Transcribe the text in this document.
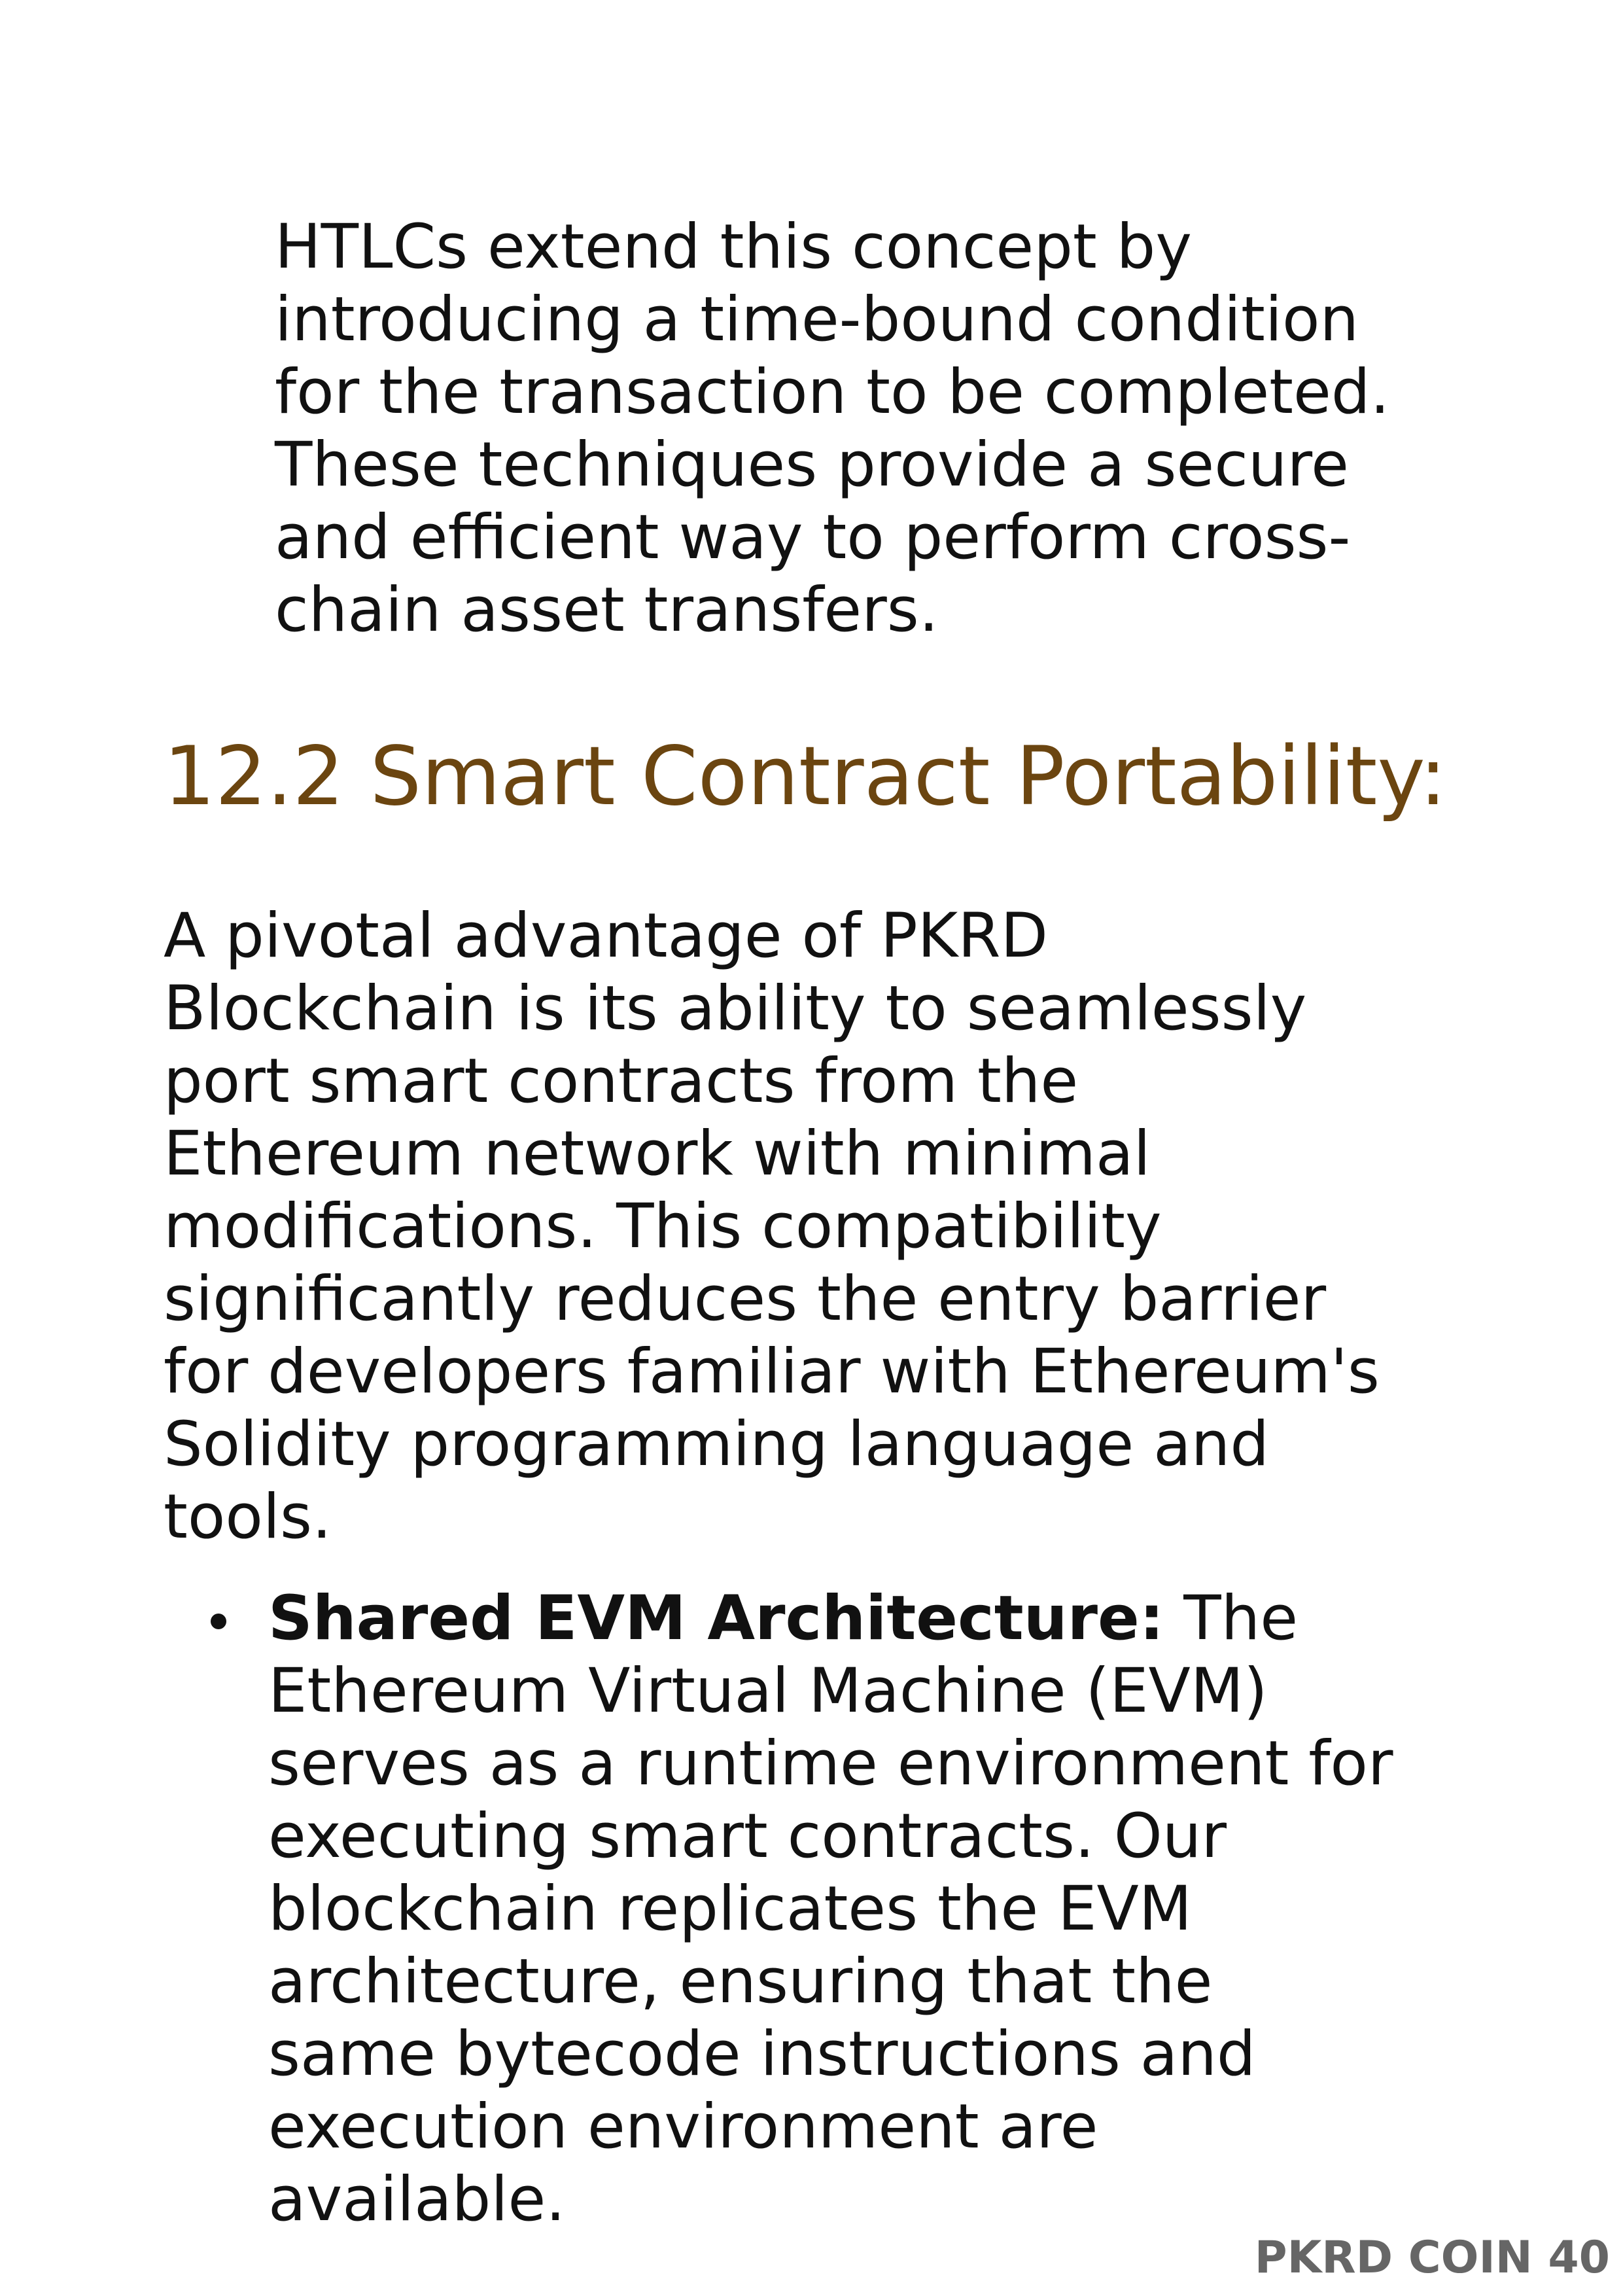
HTLCs extend this concept by
introducing a time-bound condition
for the transaction to be completed.
These techniques provide a secure
and efficient way to perform cross-
chain asset transfers.

12.2 Smart Contract Portability:

A pivotal advantage of PKRD
Blockchain is its ability to seamlessly
port smart contracts from the
Ethereum network with minimal
modifications. This compatibility
significantly reduces the entry barrier
for developers familiar with Ethereum's
Solidity programming language and
tools.

Shared EVM Architecture: The
Ethereum Virtual Machine (EVM)
serves as a runtime environment for
executing smart contracts. Our
blockchain replicates the EVM
architecture, ensuring that the
same bytecode instructions and
execution environment are
available.
PKRD COIN 40
